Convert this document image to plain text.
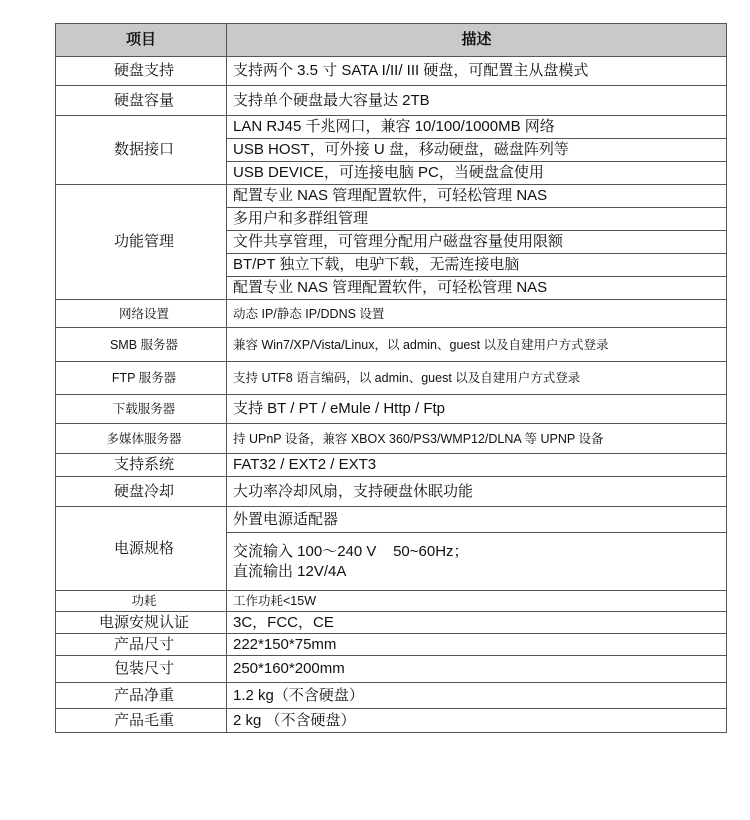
项目	描述
硬盘支持	支持两个 3.5 寸 SATA I/II/ III 硬盘，可配置主从盘模式
硬盘容量	支持单个硬盘最大容量达 2TB
数据接口	LAN RJ45 千兆网口，兼容 10/100/1000MB 网络
	USB HOST，可外接 U 盘，移动硬盘，磁盘阵列等
	USB DEVICE，可连接电脑 PC，当硬盘盒使用
功能管理	配置专业 NAS 管理配置软件，可轻松管理 NAS
	多用户和多群组管理
	文件共享管理，可管理分配用户磁盘容量使用限额
	BT/PT 独立下载，电驴下载，无需连接电脑
	配置专业 NAS 管理配置软件，可轻松管理 NAS
网络设置	动态 IP/静态 IP/DDNS 设置
SMB 服务器	兼容 Win7/XP/Vista/Linux，以 admin、guest 以及自建用户方式登录
FTP 服务器	支持 UTF8 语言编码，以 admin、guest 以及自建用户方式登录
下载服务器	支持 BT / PT / eMule / Http / Ftp
多媒体服务器	持 UPnP 设备，兼容 XBOX 360/PS3/WMP12/DLNA 等 UPNP 设备
支持系统	FAT32 / EXT2 / EXT3
硬盘冷却	大功率冷却风扇，支持硬盘休眠功能
电源规格	外置电源适配器
	交流输入 100～240 V    50~60Hz；
直流输出 12V/4A
功耗	工作功耗<15W
电源安规认证	3C，FCC，CE
产品尺寸	222*150*75mm
包装尺寸	250*160*200mm
产品净重	1.2 kg（不含硬盘）
产品毛重	2 kg （不含硬盘）
